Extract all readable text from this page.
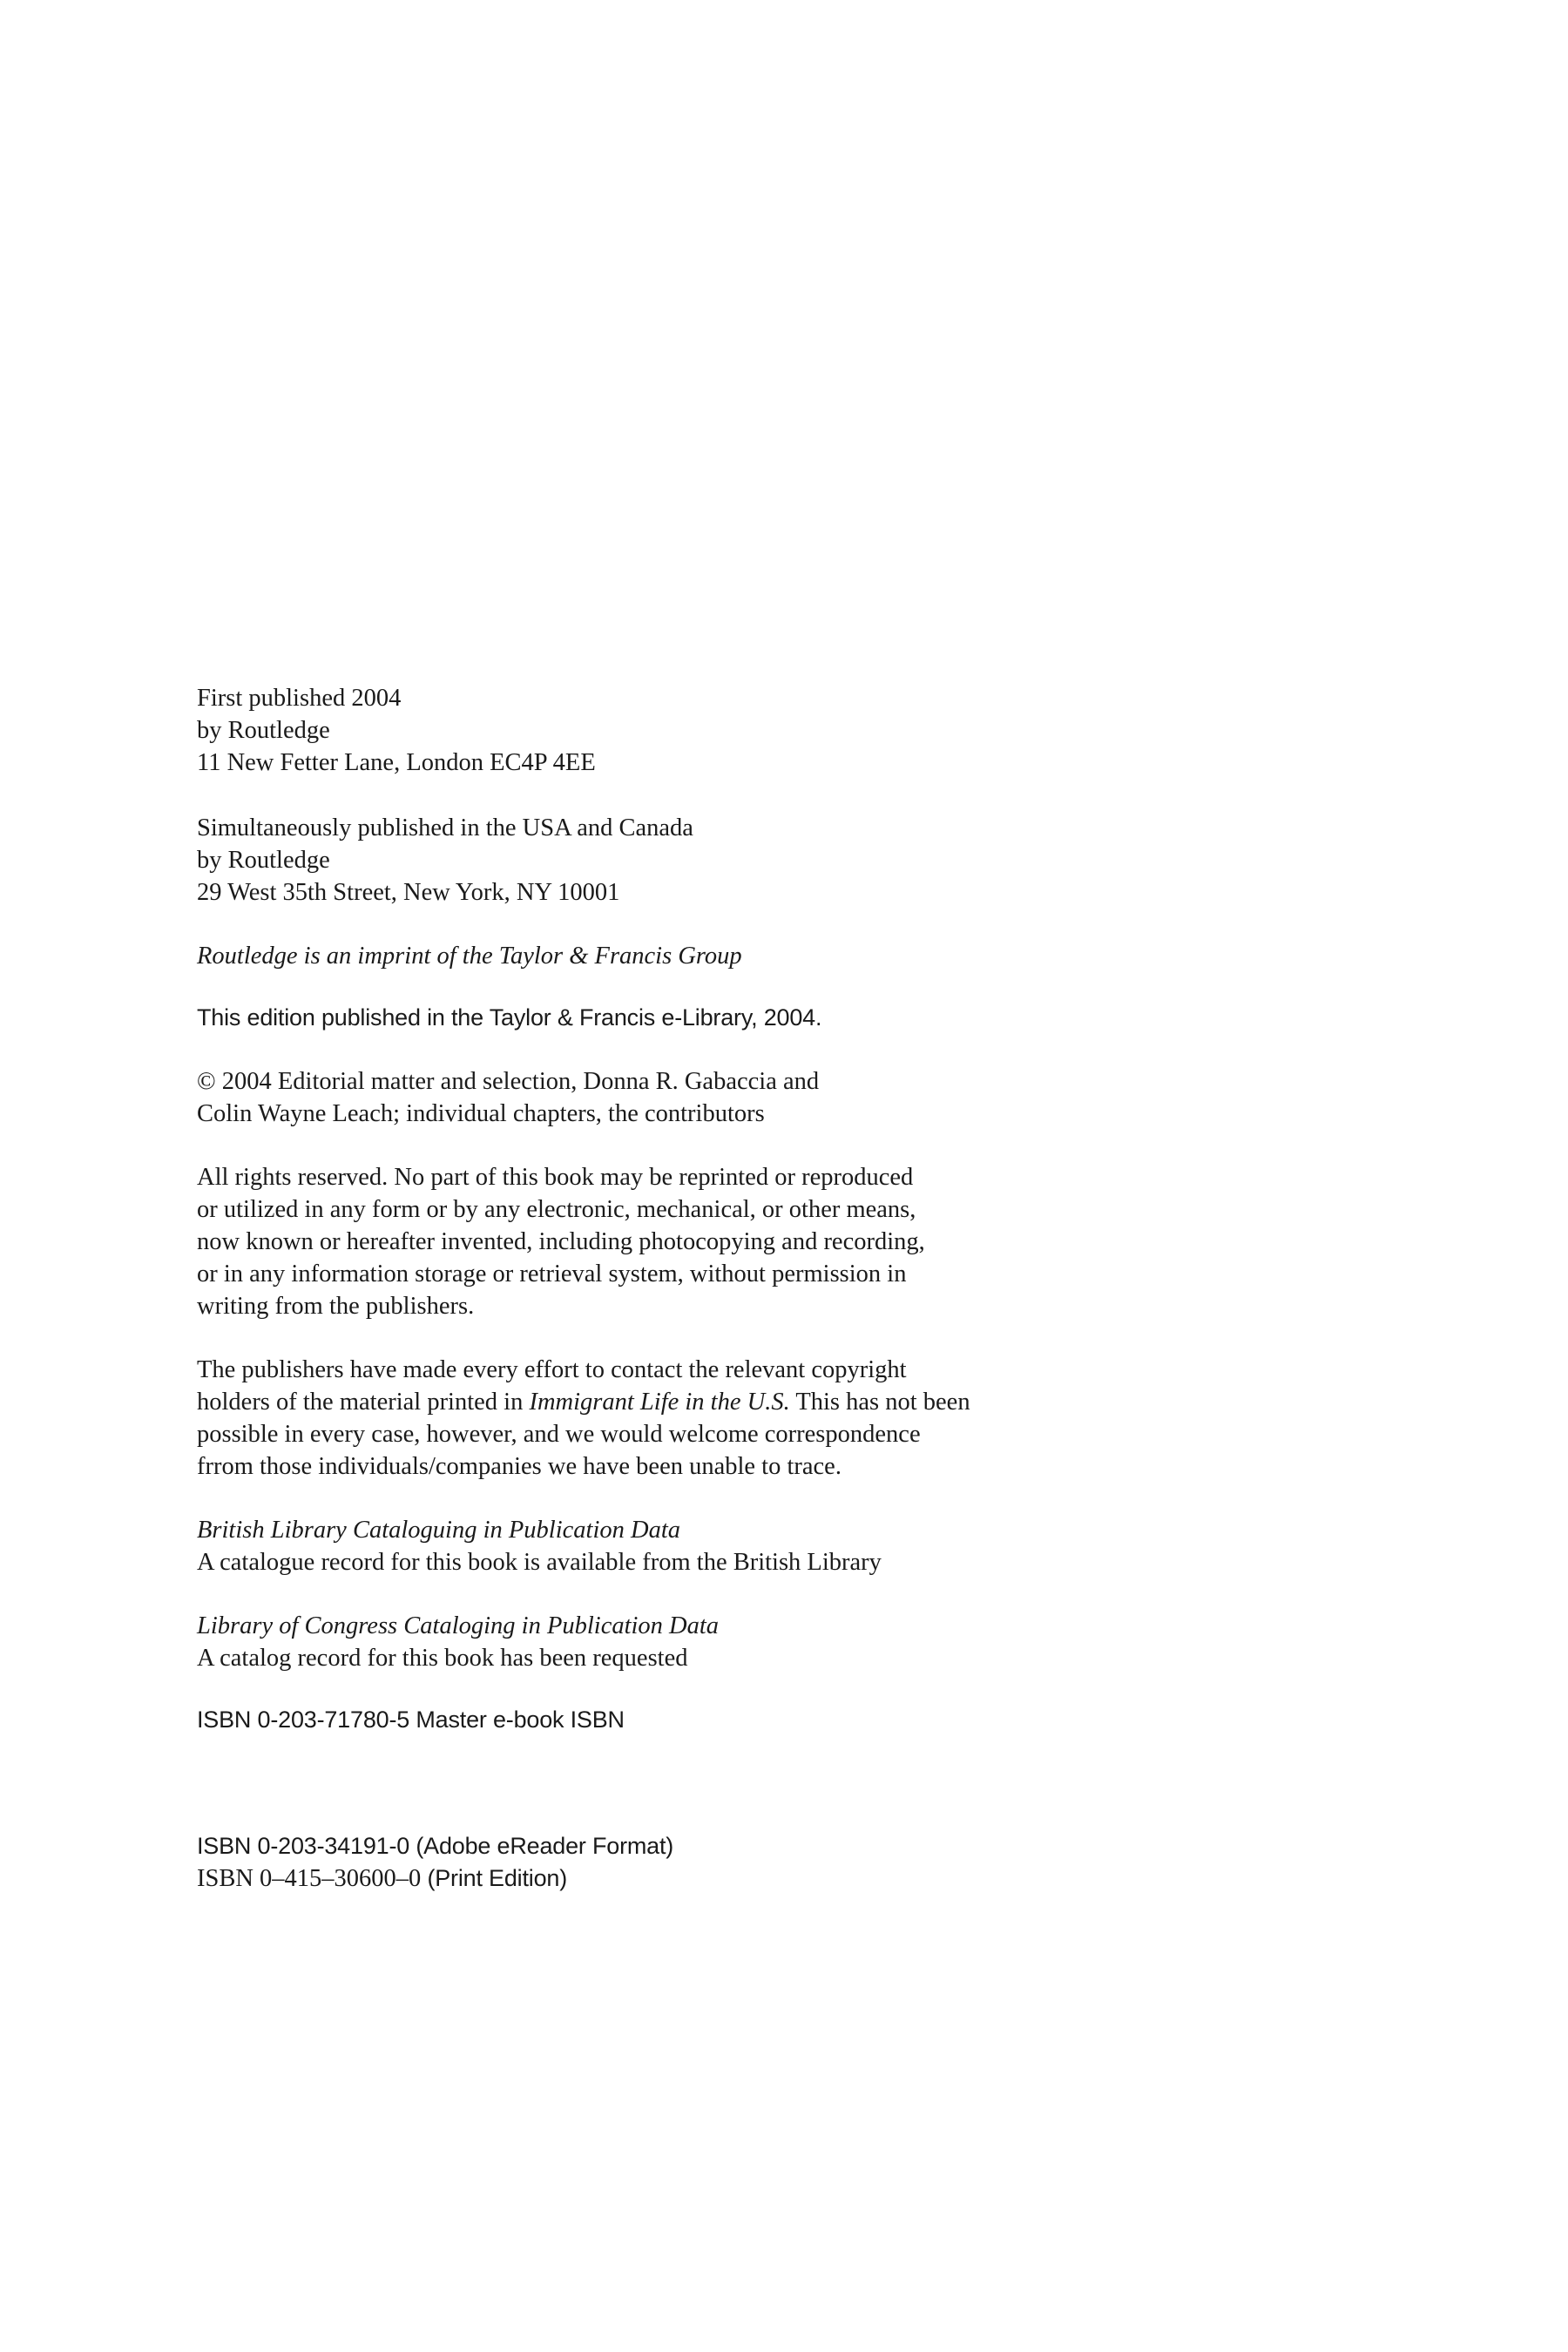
First published 2004
by Routledge
11 New Fetter Lane, London EC4P 4EE

Simultaneously published in the USA and Canada
by Routledge
29 West 35th Street, New York, NY 10001

Routledge is an imprint of the Taylor & Francis Group

This edition published in the Taylor & Francis e-Library, 2004.

© 2004 Editorial matter and selection, Donna R. Gabaccia and
Colin Wayne Leach; individual chapters, the contributors

All rights reserved. No part of this book may be reprinted or reproduced
or utilized in any form or by any electronic, mechanical, or other means,
now known or hereafter invented, including photocopying and recording,
or in any information storage or retrieval system, without permission in
writing from the publishers.

The publishers have made every effort to contact the relevant copyright
holders of the material printed in Immigrant Life in the U.S. This has not been
possible in every case, however, and we would welcome correspondence
frrom those individuals/companies we have been unable to trace.

British Library Cataloguing in Publication Data
A catalogue record for this book is available from the British Library

Library of Congress Cataloging in Publication Data
A catalog record for this book has been requested

ISBN 0-203-71780-5 Master e-book ISBN

ISBN 0-203-34191-0 (Adobe eReader Format)
ISBN 0–415–30600–0 (Print Edition)
